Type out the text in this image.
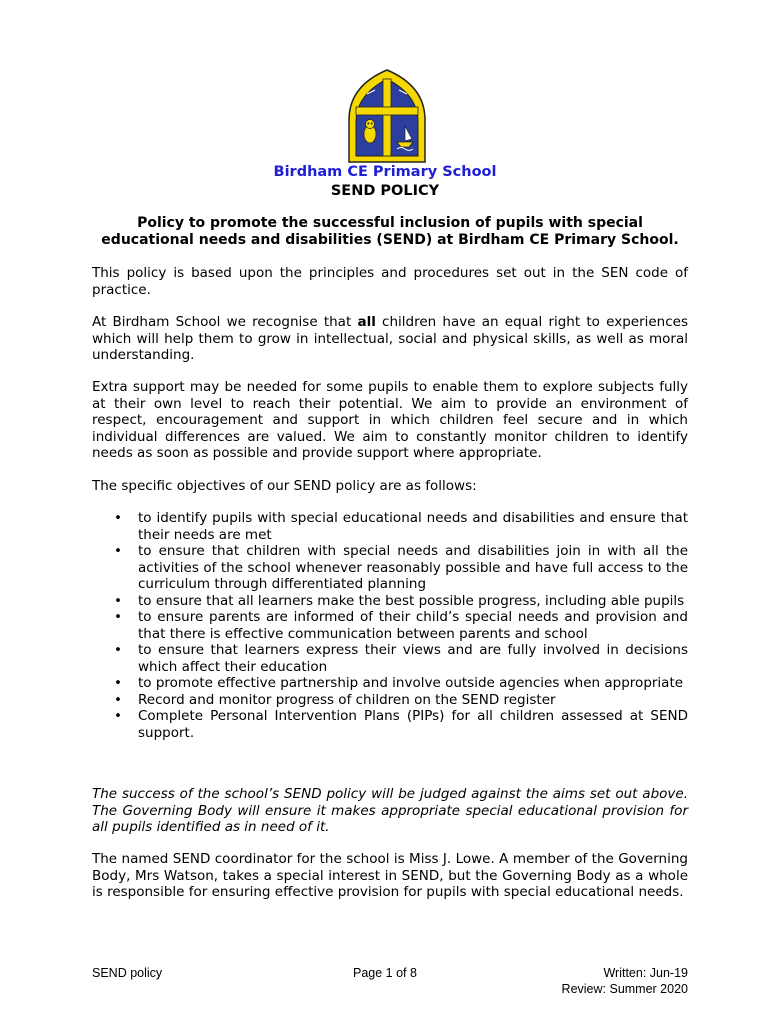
Birdham CE Primary School
SEND POLICY

Policy to promote the successful inclusion of pupils with special educational needs and disabilities (SEND) at Birdham CE Primary School.

This policy is based upon the principles and procedures set out in the SEN code of practice.

At Birdham School we recognise that all children have an equal right to experiences which will help them to grow in intellectual, social and physical skills, as well as moral understanding.

Extra support may be needed for some pupils to enable them to explore subjects fully at their own level to reach their potential. We aim to provide an environment of respect, encouragement and support in which children feel secure and in which individual differences are valued. We aim to constantly monitor children to identify needs as soon as possible and provide support where appropriate.

The specific objectives of our SEND policy are as follows:

• to identify pupils with special educational needs and disabilities and ensure that their needs are met
• to ensure that children with special needs and disabilities join in with all the activities of the school whenever reasonably possible and have full access to the curriculum through differentiated planning
• to ensure that all learners make the best possible progress, including able pupils
• to ensure parents are informed of their child’s special needs and provision and that there is effective communication between parents and school
• to ensure that learners express their views and are fully involved in decisions which affect their education
• to promote effective partnership and involve outside agencies when appropriate
• Record and monitor progress of children on the SEND register
• Complete Personal Intervention Plans (PIPs) for all children assessed at SEND support.

The success of the school’s SEND policy will be judged against the aims set out above. The Governing Body will ensure it makes appropriate special educational provision for all pupils identified as in need of it.

The named SEND coordinator for the school is Miss J. Lowe. A member of the Governing Body, Mrs Watson, takes a special interest in SEND, but the Governing Body as a whole is responsible for ensuring effective provision for pupils with special educational needs.

SEND policy	Page 1 of 8	Written: Jun-19
Review: Summer 2020
